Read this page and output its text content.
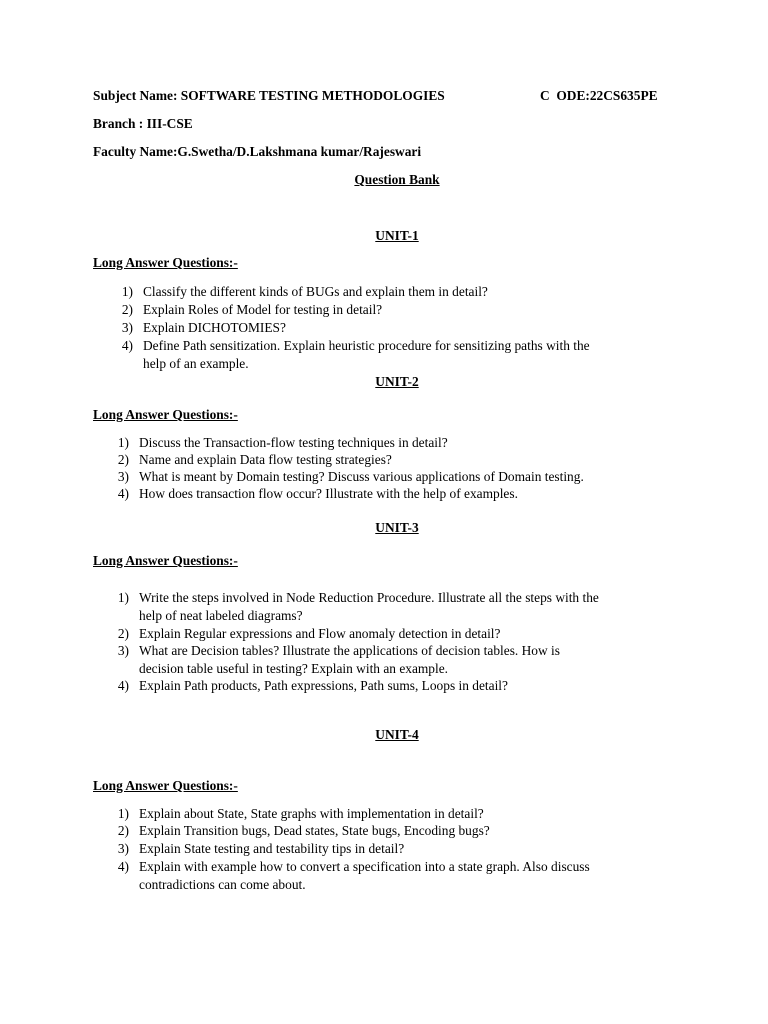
Subject Name: SOFTWARE TESTING METHODOLOGIES	C ODE:22CS635PE
Branch : III-CSE
Faculty Name:G.Swetha/D.Lakshmana kumar/Rajeswari
Question Bank
UNIT-1
Long Answer Questions:-
1) Classify the different kinds of BUGs and explain them in detail?
2) Explain Roles of Model for testing in detail?
3) Explain DICHOTOMIES?
4) Define Path sensitization. Explain heuristic procedure for sensitizing paths with the
help of an example.
UNIT-2
Long Answer Questions:-
1) Discuss the Transaction-flow testing techniques in detail?
2) Name and explain Data flow testing strategies?
3) What is meant by Domain testing? Discuss various applications of Domain testing.
4) How does transaction flow occur? Illustrate with the help of examples.
UNIT-3
Long Answer Questions:-
1) Write the steps involved in Node Reduction Procedure. Illustrate all the steps with the
help of neat labeled diagrams?
2) Explain Regular expressions and Flow anomaly detection in detail?
3) What are Decision tables? Illustrate the applications of decision tables. How is
decision table useful in testing? Explain with an example.
4) Explain Path products, Path expressions, Path sums, Loops in detail?
UNIT-4
Long Answer Questions:-
1) Explain about State, State graphs with implementation in detail?
2) Explain Transition bugs, Dead states, State bugs, Encoding bugs?
3) Explain State testing and testability tips in detail?
4) Explain with example how to convert a specification into a state graph. Also discuss
contradictions can come about.
